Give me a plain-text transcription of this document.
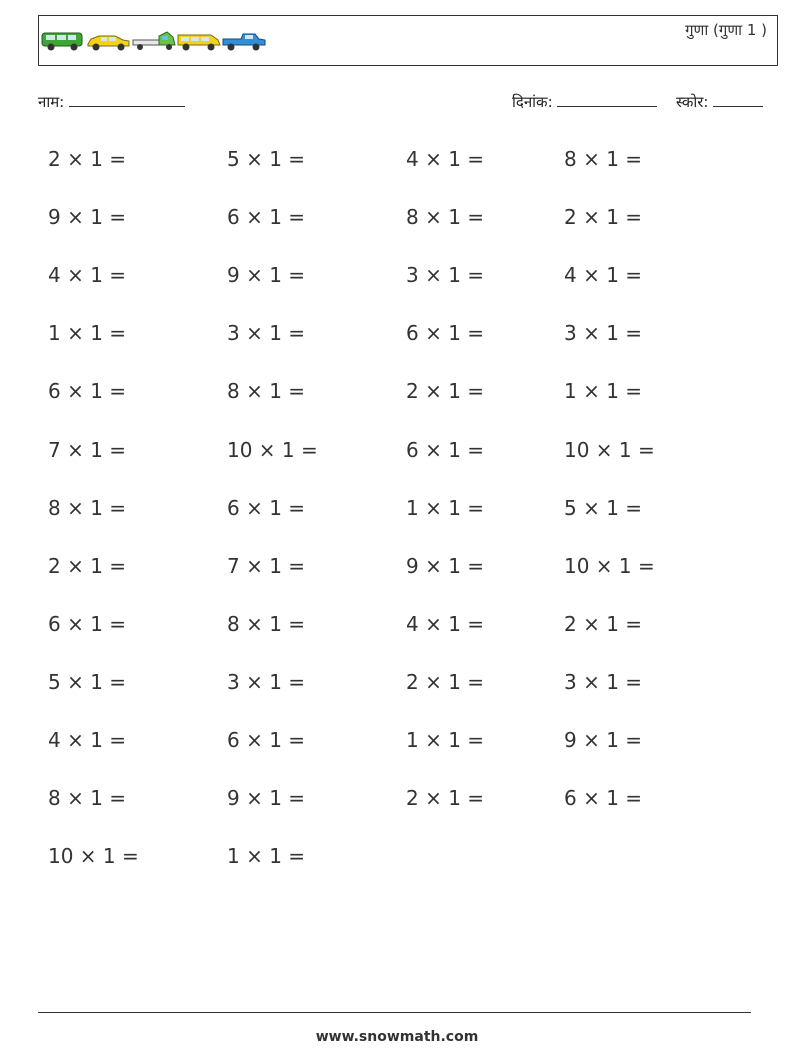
गुणा (गुणा 1 )
नाम:	दिनांक:	स्कोर:
2 × 1 =	5 × 1 =	4 × 1 =	8 × 1 =
9 × 1 =	6 × 1 =	8 × 1 =	2 × 1 =
4 × 1 =	9 × 1 =	3 × 1 =	4 × 1 =
1 × 1 =	3 × 1 =	6 × 1 =	3 × 1 =
6 × 1 =	8 × 1 =	2 × 1 =	1 × 1 =
7 × 1 =	10 × 1 =	6 × 1 =	10 × 1 =
8 × 1 =	6 × 1 =	1 × 1 =	5 × 1 =
2 × 1 =	7 × 1 =	9 × 1 =	10 × 1 =
6 × 1 =	8 × 1 =	4 × 1 =	2 × 1 =
5 × 1 =	3 × 1 =	2 × 1 =	3 × 1 =
4 × 1 =	6 × 1 =	1 × 1 =	9 × 1 =
8 × 1 =	9 × 1 =	2 × 1 =	6 × 1 =
10 × 1 =	1 × 1 =
www.snowmath.com
